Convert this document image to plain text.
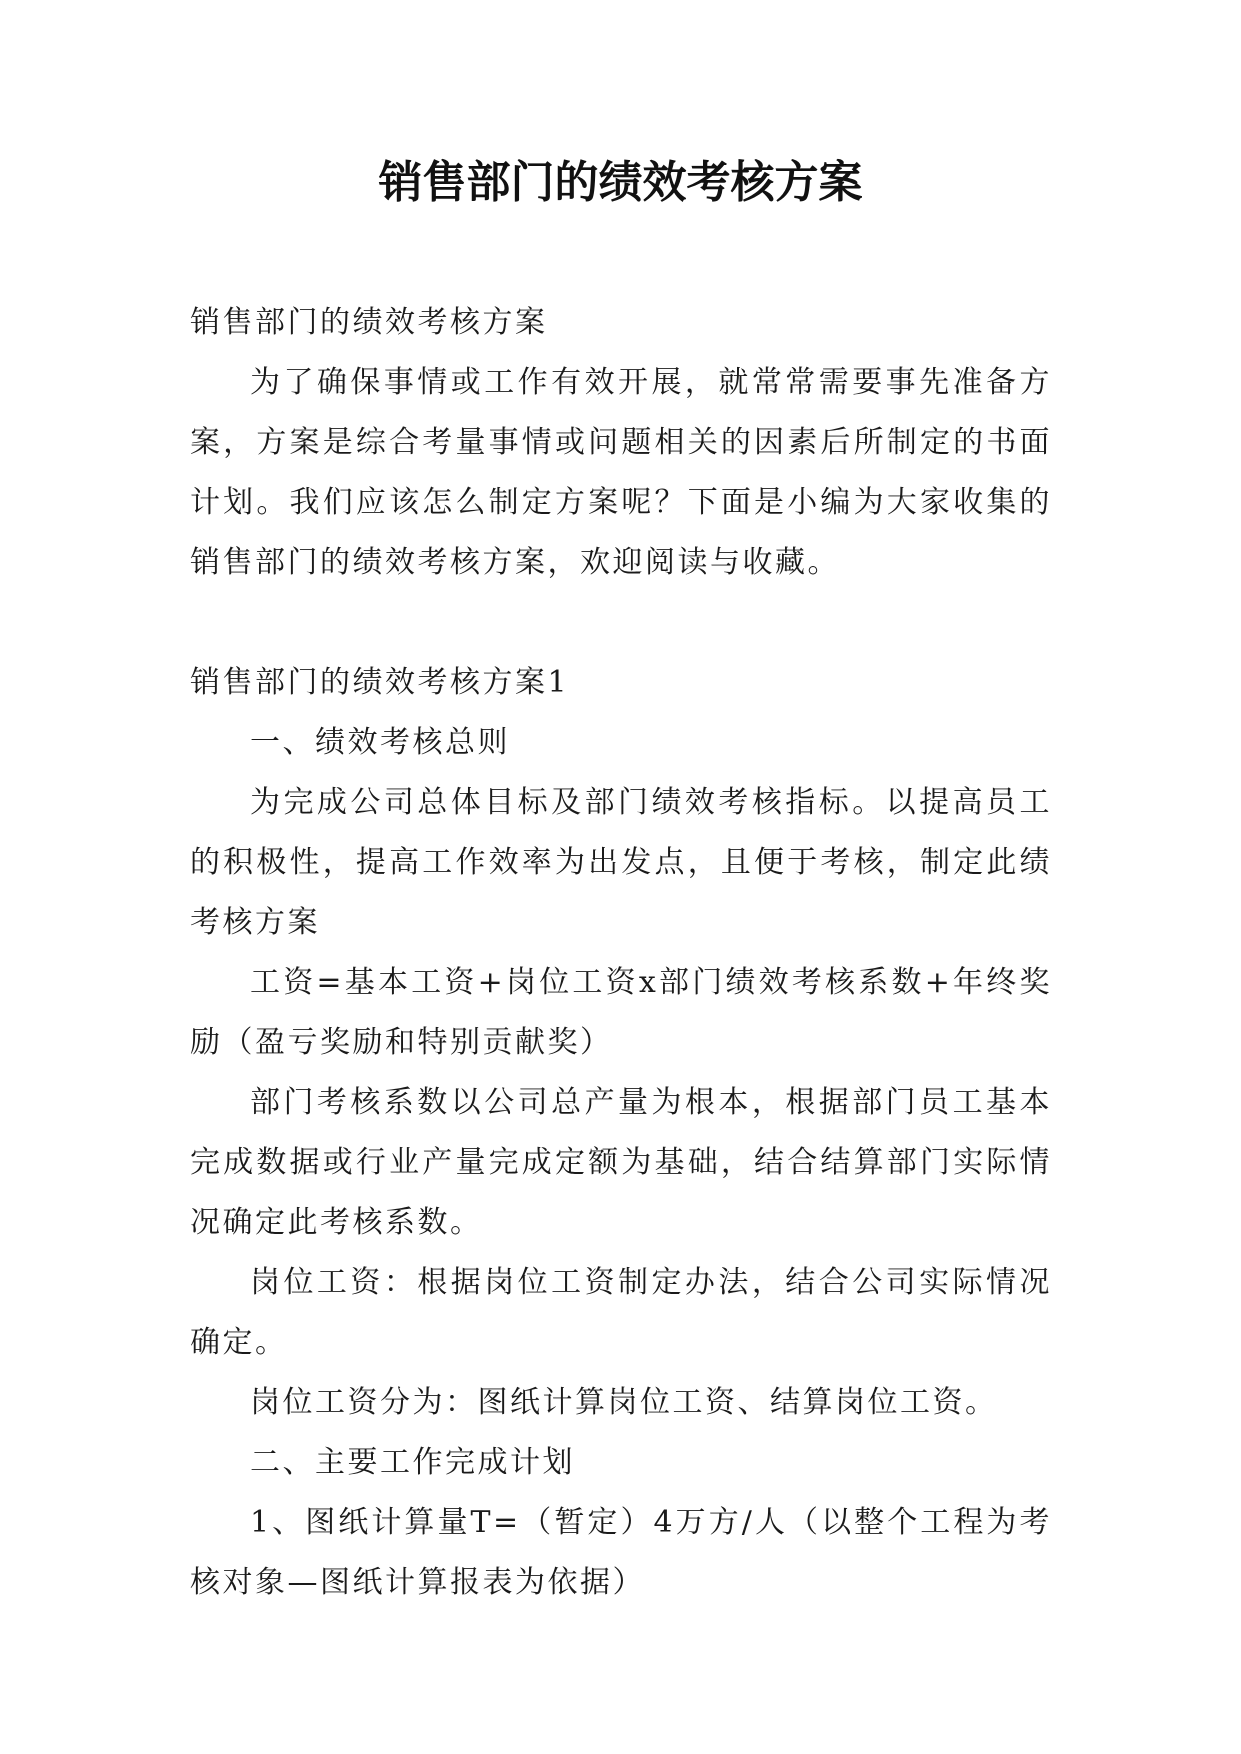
销售部门的绩效考核方案

销售部门的绩效考核方案

为了确保事情或工作有效开展，就常常需要事先准备方案，方案是综合考量事情或问题相关的因素后所制定的书面计划。我们应该怎么制定方案呢？下面是小编为大家收集的销售部门的绩效考核方案，欢迎阅读与收藏。

销售部门的绩效考核方案1

一、绩效考核总则

为完成公司总体目标及部门绩效考核指标。以提高员工的积极性，提高工作效率为出发点，且便于考核，制定此绩考核方案

工资=基本工资+岗位工资x部门绩效考核系数+年终奖励（盈亏奖励和特别贡献奖）

部门考核系数以公司总产量为根本，根据部门员工基本完成数据或行业产量完成定额为基础，结合结算部门实际情况确定此考核系数。

岗位工资：根据岗位工资制定办法，结合公司实际情况确定。

岗位工资分为：图纸计算岗位工资、结算岗位工资。

二、主要工作完成计划

1、图纸计算量T=（暂定）4万方/人（以整个工程为考核对象—图纸计算报表为依据）
